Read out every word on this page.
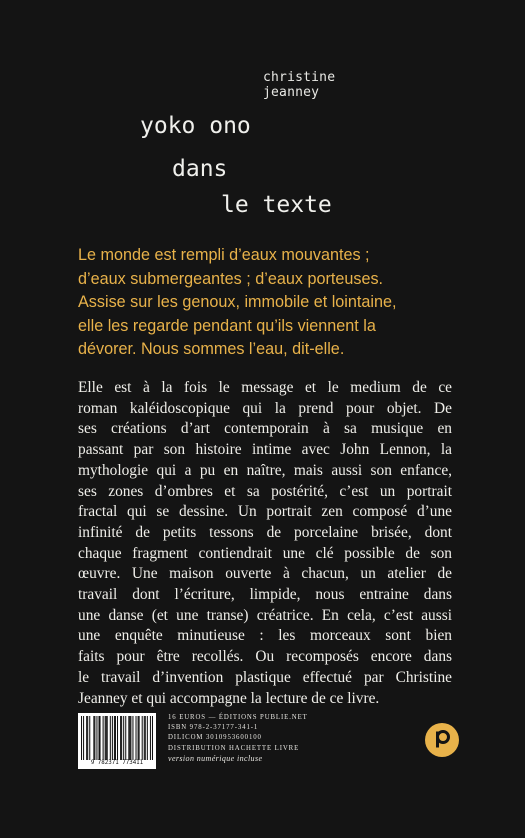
christine
jeanney
yoko ono
dans
le texte
Le monde est rempli d’eaux mouvantes ;
d’eaux submergeantes ; d’eaux porteuses.
Assise sur les genoux, immobile et lointaine,
elle les regarde pendant qu’ils viennent la
dévorer. Nous sommes l’eau, dit-elle.
Elle est à la fois le message et le medium de ce
roman kaléidoscopique qui la prend pour objet. De
ses créations d’art contemporain à sa musique en
passant par son histoire intime avec John Lennon, la
mythologie qui a pu en naître, mais aussi son enfance,
ses zones d’ombres et sa postérité, c’est un portrait
fractal qui se dessine. Un portrait zen composé d’une
infinité de petits tessons de porcelaine brisée, dont
chaque fragment contiendrait une clé possible de son
œuvre. Une maison ouverte à chacun, un atelier de
travail dont l’écriture, limpide, nous entraine dans
une danse (et une transe) créatrice. En cela, c’est aussi
une enquête minutieuse : les morceaux sont bien
faits pour être recollés. Ou recomposés encore dans
le travail d’invention plastique effectué par Christine
Jeanney et qui accompagne la lecture de ce livre.
9 782371 773411
16 EUROS — ÉDITIONS PUBLIE.NET
ISBN 978-2-37177-341-1
DILICOM 3010953600100
DISTRIBUTION HACHETTE LIVRE
version numérique incluse
